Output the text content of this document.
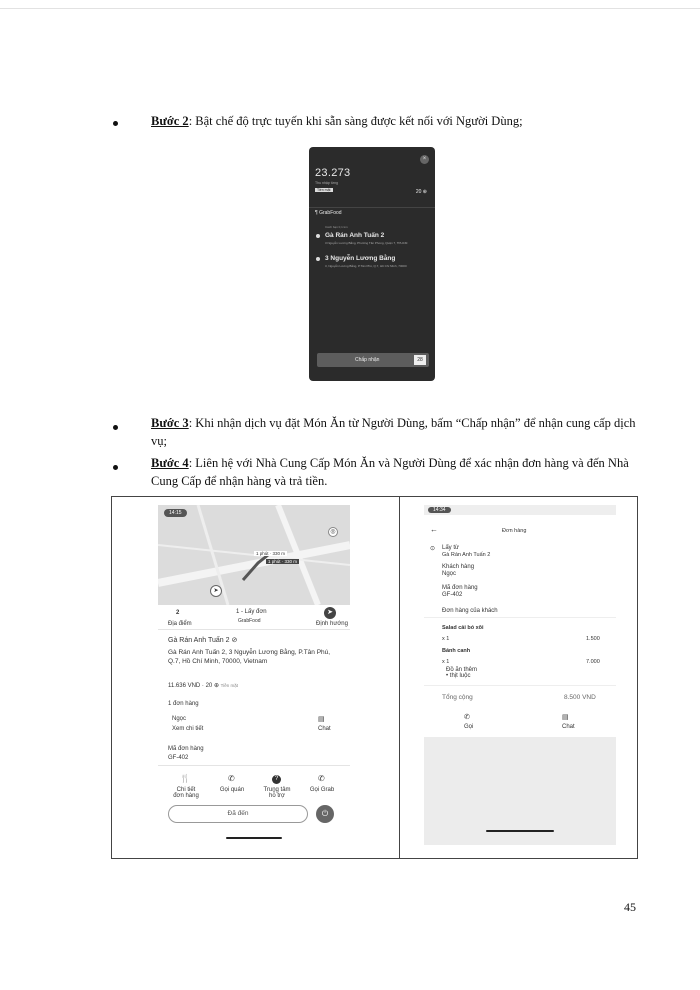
Bước 2: Bật chế độ trực tuyến khi sẵn sàng được kết nối với Người Dùng;
×
23.273
Thu nhập từng
Tiền mặt	20 ⊕
¶ GrabFood
Cách bạn 0,1 km
Gà Rán Anh Tuấn 2
3 Nguyễn Lương Bằng, Phường Tân Phong, Quận 7, TPHCM
3 Nguyễn Lương Bằng
3, Nguyễn Lương Bằng, P.Tân Phú, Q.7, Hồ Chí Minh, 70000
Chấp nhận	28
Bước 3: Khi nhận dịch vụ đặt Món Ăn từ Người Dùng, bấm “Chấp nhận” để nhận cung cấp dịch vụ;
Bước 4: Liên hệ với Nhà Cung Cấp Món Ăn và Người Dùng để xác nhận đơn hàng và đến Nhà Cung Cấp để nhận hàng và trả tiền.
14:15
1 phút · 330 m
1 phút · 330 m
◎
➤
2
Địa điểm
1 - Lấy đơn
GrabFood
➤
Định hướng
Gà Rán Anh Tuấn 2 ⊘
Gà Rán Anh Tuấn 2, 3 Nguyễn Lương Bằng, P.Tân Phú, Q.7, Hồ Chí Minh, 70000, Vietnam
11.636 VND · 20 ⊕ Tiền mặt
1 đơn hàng
Ngọc
Xem chi tiết
▤
Chat
Mã đơn hàng
GF-402
🍴
Chi tiết đơn hàng
✆
Gọi quán
?
Trung tâm hỗ trợ
✆
Gọi Grab
Đã đến	⏻
14:34
←	Đơn hàng
⊙ Lấy từ
Gà Rán Anh Tuấn 2
Khách hàng
Ngọc
Mã đơn hàng
GF-402
Đơn hàng của khách
Salad cải bó xôi
x 1	1.500
Bánh canh
x 1	7.000
Đồ ăn thêm
• thịt luộc
Tổng cộng	8.500 VND
✆
Gọi
▤
Chat
45
